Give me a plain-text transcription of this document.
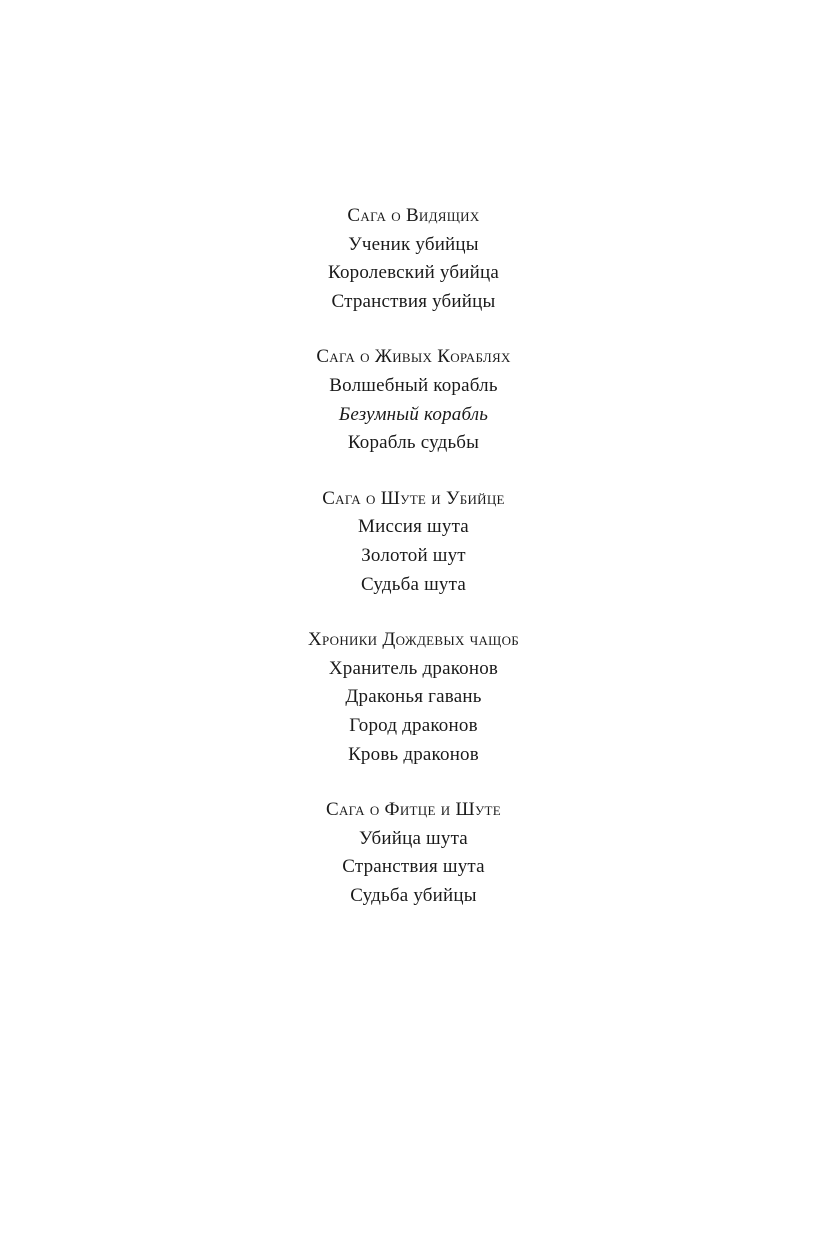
Сага о Видящих
Ученик убийцы
Королевский убийца
Странствия убийцы
Сага о Живых Кораблях
Волшебный корабль
Безумный корабль
Корабль судьбы
Сага о Шуте и Убийце
Миссия шута
Золотой шут
Судьба шута
Хроники Дождевых чащоб
Хранитель драконов
Драконья гавань
Город драконов
Кровь драконов
Сага о Фитце и Шуте
Убийца шута
Странствия шута
Судьба убийцы
